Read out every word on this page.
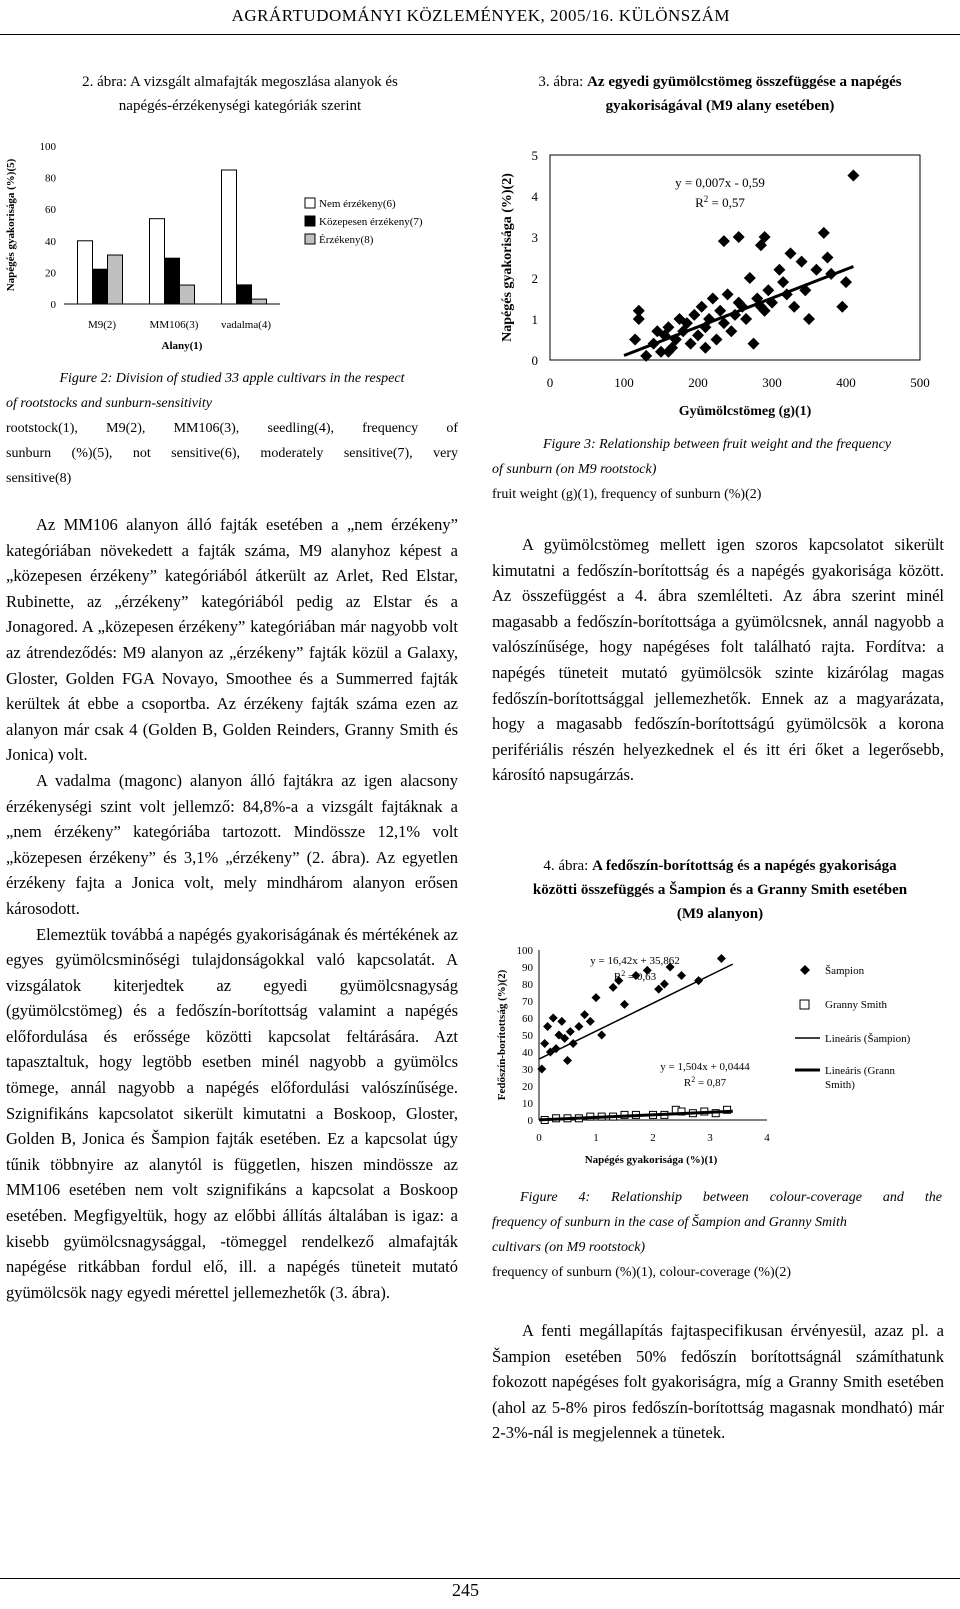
AGRÁRTUDOMÁNYI KÖZLEMÉNYEK, 2005/16. KÜLÖNSZÁM
2. ábra: A vizsgált almafajták megoszlása alanyok és
napégés-érzékenységi kategóriák szerint
Napégés gyakorisága (%)(5)
0
20
40
60
80
100
M9(2)	MM106(3) vadalma(4)
Alany(1)
Nem érzékeny(6)
Közepesen érzékeny(7)
Érzékeny(8)
Figure 2: Division of studied 33 apple cultivars in the respect
of rootstocks and sunburn-sensitivity
rootstock(1), M9(2), MM106(3), seedling(4), frequency of
sunburn (%)(5), not sensitive(6), moderately sensitive(7), very
sensitive(8)
3. ábra: Az egyedi gyümölcstömeg összefüggése a napégés
gyakoriságával (M9 alany esetében)
Napégés gyakorisága (%)(2)
0
1
2
3
4
5
0	100	200	300	400	500
Gyümölcstömeg (g)(1)
y = 0,007x - 0,59
$R^2 = 0,57$
Figure 3: Relationship between fruit weight and the frequency
of sunburn (on M9 rootstock)
fruit weight (g)(1), frequency of sunburn (%)(2)

Az MM106 alanyon álló fajták esetében a „nem érzékeny” kategóriában növekedett a fajták száma, M9 alanyhoz képest a „közepesen érzékeny” kategóriából átkerült az Arlet, Red Elstar, Rubinette, az „érzékeny” kategóriából pedig az Elstar és a Jonagored. A „közepesen érzékeny” kategóriában már nagyobb volt az átrendeződés: M9 alanyon az „érzékeny” fajták közül a Galaxy, Gloster, Golden FGA Novayo, Smoothee és a Summerred fajták kerültek át ebbe a csoportba. Az érzékeny fajták száma ezen az alanyon már csak 4 (Golden B, Golden Reinders, Granny Smith és Jonica) volt.

A vadalma (magonc) alanyon álló fajtákra az igen alacsony érzékenységi szint volt jellemző: 84,8%-a a vizsgált fajtáknak a „nem érzékeny” kategóriába tartozott. Mindössze 12,1% volt „közepesen érzékeny” és 3,1% „érzékeny” (2. ábra). Az egyetlen érzékeny fajta a Jonica volt, mely mindhárom alanyon erősen károsodott.

Elemeztük továbbá a napégés gyakoriságának és mértékének az egyes gyümölcsminőségi tulajdonságokkal való kapcsolatát. A vizsgálatok kiterjedtek az egyedi gyümölcsnagyság (gyümölcstömeg) és a fedőszín-borítottság valamint a napégés előfordulása és erőssége közötti kapcsolat feltárására. Azt tapasztaltuk, hogy legtöbb esetben minél nagyobb a gyümölcs tömege, annál nagyobb a napégés előfordulási valószínűsége. Szignifikáns kapcsolatot sikerült kimutatni a Boskoop, Gloster, Golden B, Jonica és Šampion fajták esetében. Ez a kapcsolat úgy tűnik többnyire az alanytól is független, hiszen mindössze az MM106 esetében nem volt szignifikáns a kapcsolat a Boskoop esetében. Megfigyeltük, hogy az előbbi állítás általában is igaz: a kisebb gyümölcsnagysággal, -tömeggel rendelkező almafajták napégése ritkábban fordul elő, ill. a napégés tüneteit mutató gyümölcsök nagy egyedi mérettel jellemezhetők (3. ábra).

A gyümölcstömeg mellett igen szoros kapcsolatot sikerült kimutatni a fedőszín-borítottság és a napégés gyakorisága között. Az összefüggést a 4. ábra szemlélteti. Az ábra szerint minél magasabb a fedőszín-borítottsága a gyümölcsnek, annál nagyobb a valószínűsége, hogy napégéses folt található rajta. Fordítva: a napégés tüneteit mutató gyümölcsök szinte kizárólag magas fedőszín-borítottsággal jellemezhetők. Ennek az a magyarázata, hogy a magasabb fedőszín-borítottságú gyümölcsök a korona perifériális részén helyezkednek el és itt éri őket a legerősebb, károsító napsugárzás.

4. ábra: A fedőszín-borítottság és a napégés gyakorisága
közötti összefüggés a Šampion és a Granny Smith esetében
(M9 alanyon)
Fedőszín-borítottság (%)(2)
0
10
20
30
40
50
60
70
80
90
100
0	1	2	3	4
Napégés gyakorisága (%)(1)
y = 16,42x + 35,862
$R^2 = 0,63$
y = 1,504x + 0,0444
$R^2 = 0,87$
Šampion
Granny Smith
Lineáris (Šampion)
Lineáris (Grann
Smith)
Figure 4: Relationship between colour-coverage and the
frequency of sunburn in the case of Šampion and Granny Smith
cultivars (on M9 rootstock)
frequency of sunburn (%)(1), colour-coverage (%)(2)

A fenti megállapítás fajtaspecifikusan érvényesül, azaz pl. a Šampion esetében 50% fedőszín borítottságnál számíthatunk fokozott napégéses folt gyakoriságra, míg a Granny Smith esetében (ahol az 5-8% piros fedőszín-borítottság magasnak mondható) már 2-3%-nál is megjelennek a tünetek.

245
